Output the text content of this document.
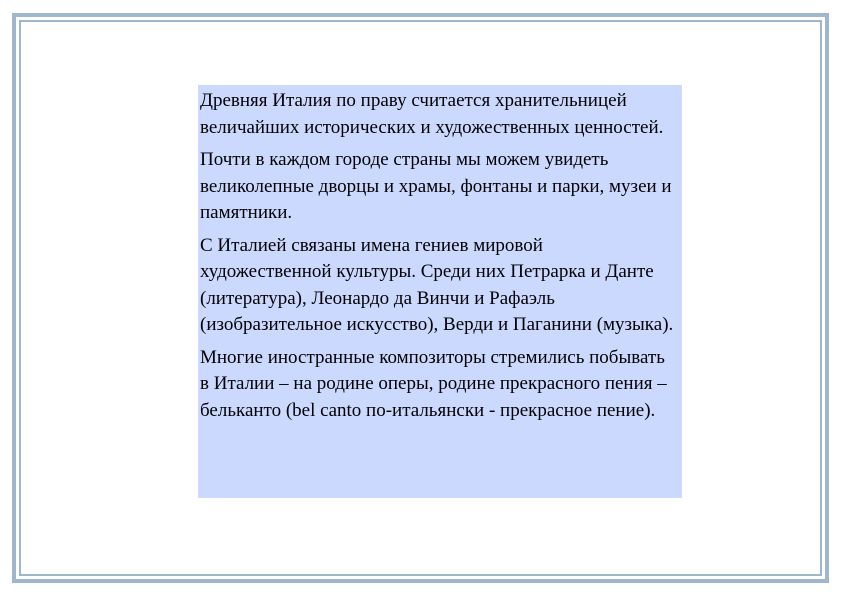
Древняя Италия по праву считается хранительницей величайших исторических и художественных ценностей.

Почти в каждом городе страны мы можем увидеть великолепные дворцы и храмы, фонтаны и парки, музеи и памятники.

С Италией связаны имена гениев мировой художественной культуры. Среди них Петрарка и Данте (литература), Леонардо да Винчи и Рафаэль (изобразительное искусство), Верди и Паганини (музыка).

Многие иностранные композиторы стремились побывать в Италии – на родине оперы, родине прекрасного пения – бельканто (bel canto по-итальянски - прекрасное пение).
